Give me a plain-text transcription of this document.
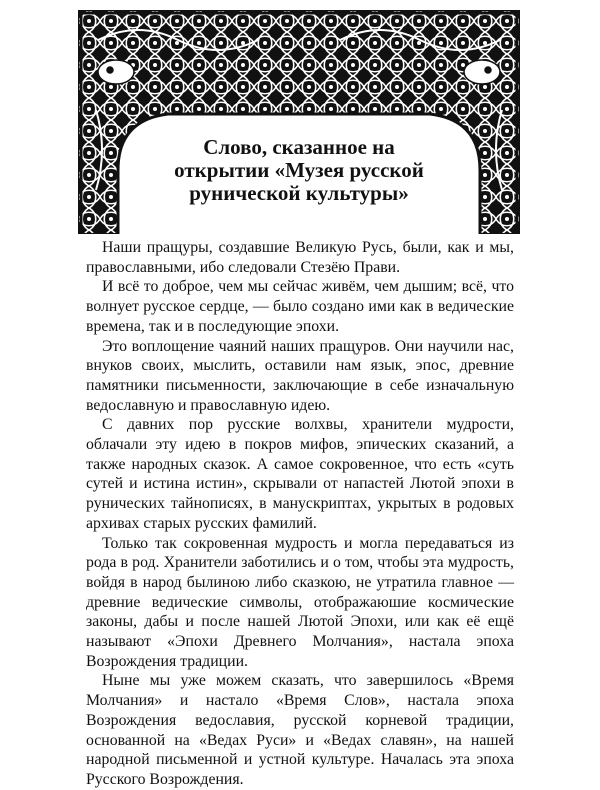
Слово, сказанное на
открытии «Музея русской
рунической культуры»

Наши пращуры, создавшие Великую Русь, были, как и мы, православными, ибо следовали Стезёю Прави.

И всё то доброе, чем мы сейчас живём, чем дышим; всё, что волнует русское сердце, — было создано ими как в ведические времена, так и в последующие эпохи.

Это воплощение чаяний наших пращуров. Они научили нас, внуков своих, мыслить, оставили нам язык, эпос, древние памятники письменности, заключающие в себе изначальную ведославную и православную идею.

С давних пор русские волхвы, хранители мудрости, облачали эту идею в покров мифов, эпических сказаний, а также народных сказок. А самое сокровенное, что есть «суть сутей и истина истин», скрывали от напастей Лютой эпохи в рунических тайнописях, в манускриптах, укрытых в родовых архивах старых русских фамилий.

Только так сокровенная мудрость и могла передаваться из рода в род. Хранители заботились и о том, чтобы эта мудрость, войдя в народ былиною либо сказкою, не утратила главное — древние ведические символы, отображаюшие космические законы, дабы и после нашей Лютой Эпохи, или как её ещё называют «Эпохи Древнего Молчания», настала эпоха Возрождения традиции.

Ныне мы уже можем сказать, что завершилось «Время Молчания» и настало «Время Слов», настала эпоха Возрождения ведославия, русской корневой традиции, основанной на «Ведах Руси» и «Ведах славян», на нашей народной письменной и устной культуре. Началась эта эпоха Русского Возрождения.
